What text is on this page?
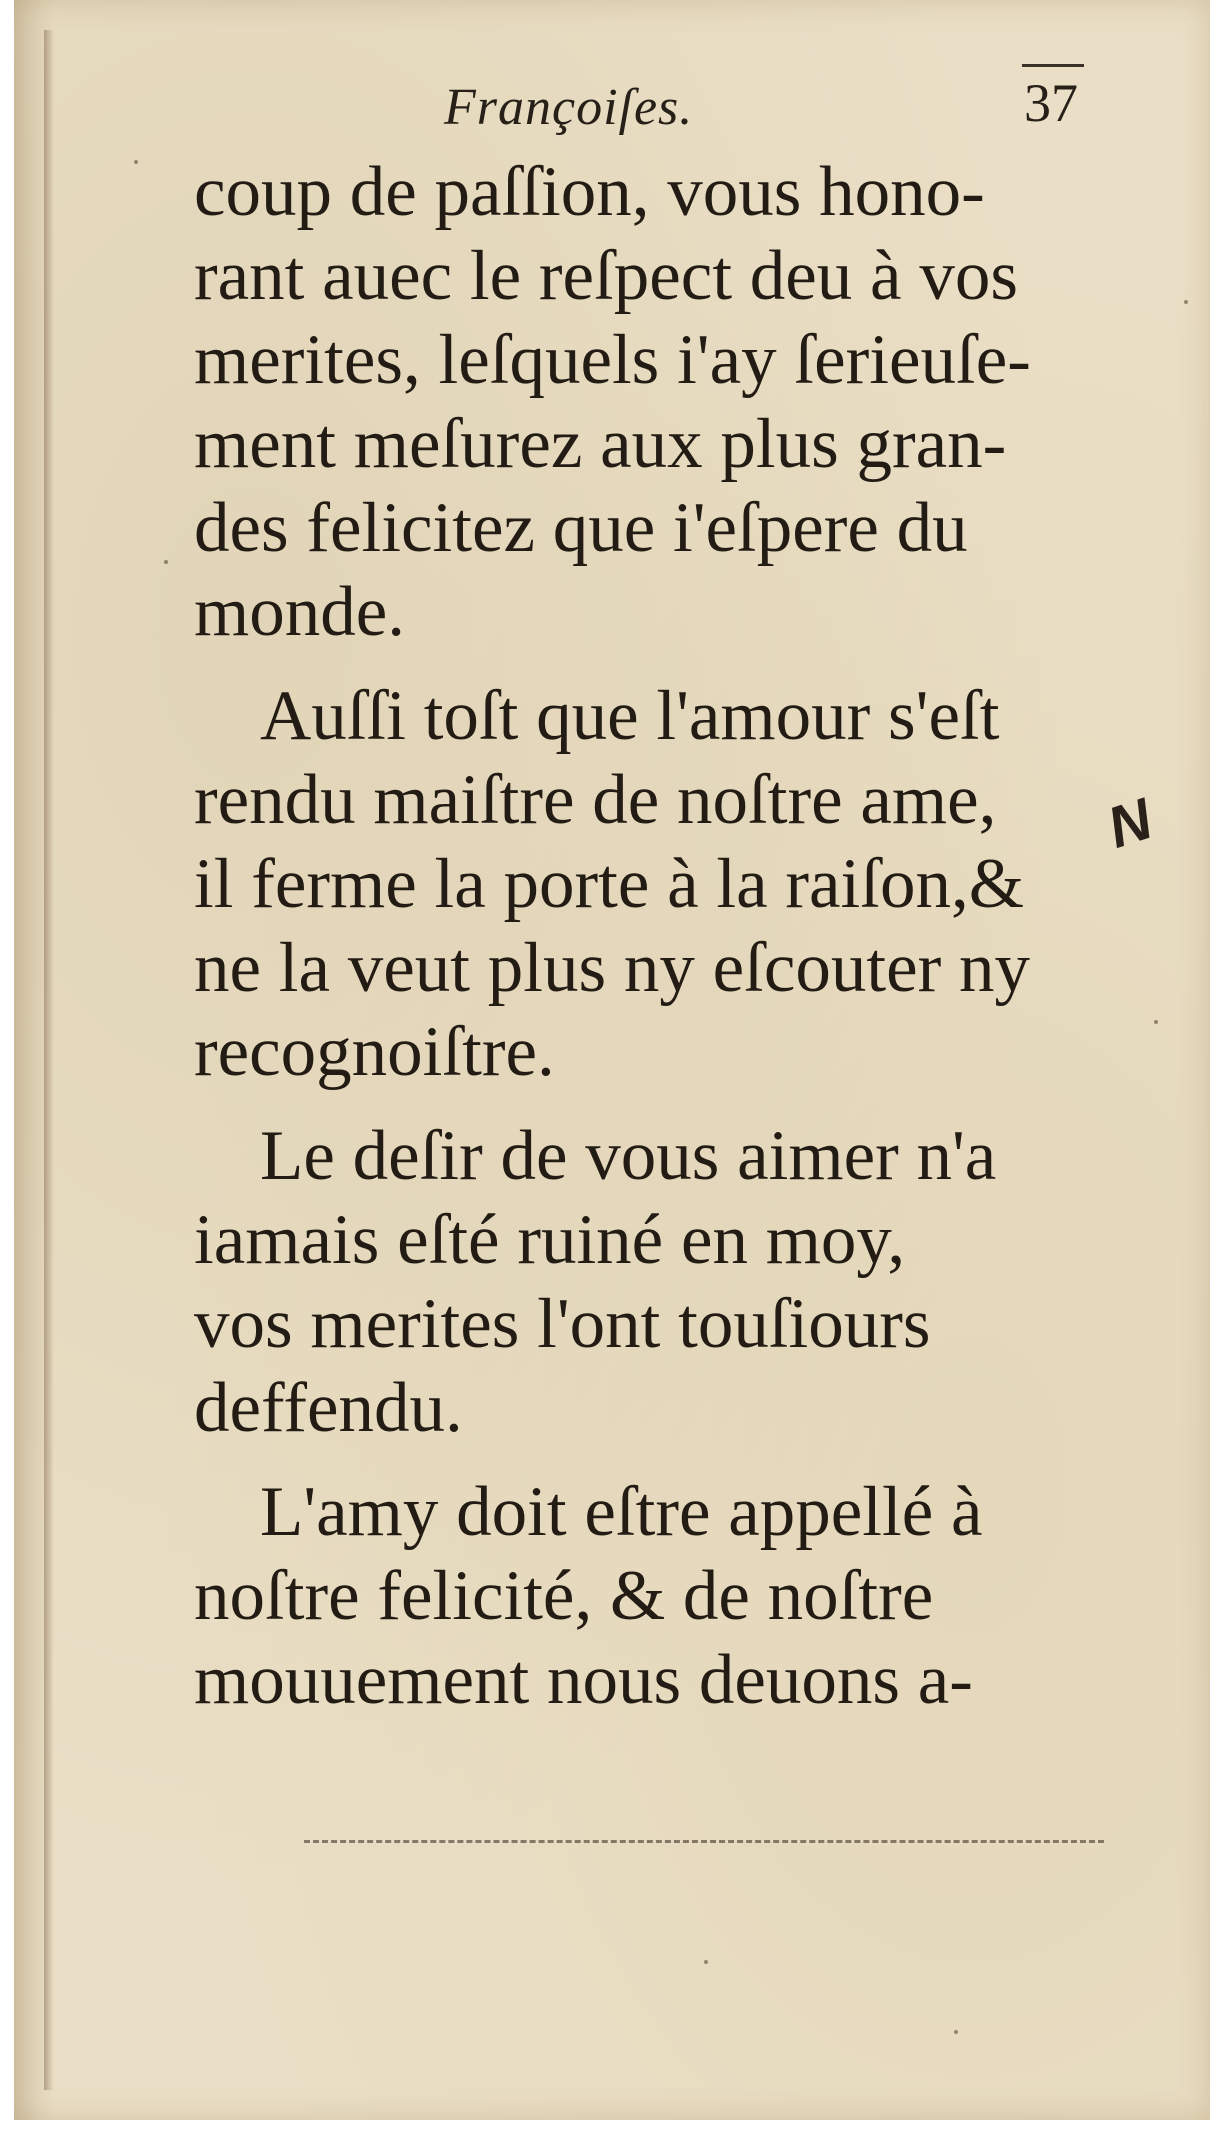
Françoiſes.	37
coup de paſſion, vous hono-
rant auec le reſpect deu à vos
merites, leſquels i'ay ſerieuſe-
ment meſurez aux plus gran-
des felicitez que i'eſpere du
monde.
Auſſi toſt que l'amour s'eſt
rendu maiſtre de noſtre ame,
il ferme la porte à la raiſon,&
ne la veut plus ny eſcouter ny
recognoiſtre.
Le deſir de vous aimer n'a
iamais eſté ruiné en moy,
vos merites l'ont touſiours
deffendu.
L'amy doit eſtre appellé à
noſtre felicité, & de noſtre
mouuement nous deuons a-
N
